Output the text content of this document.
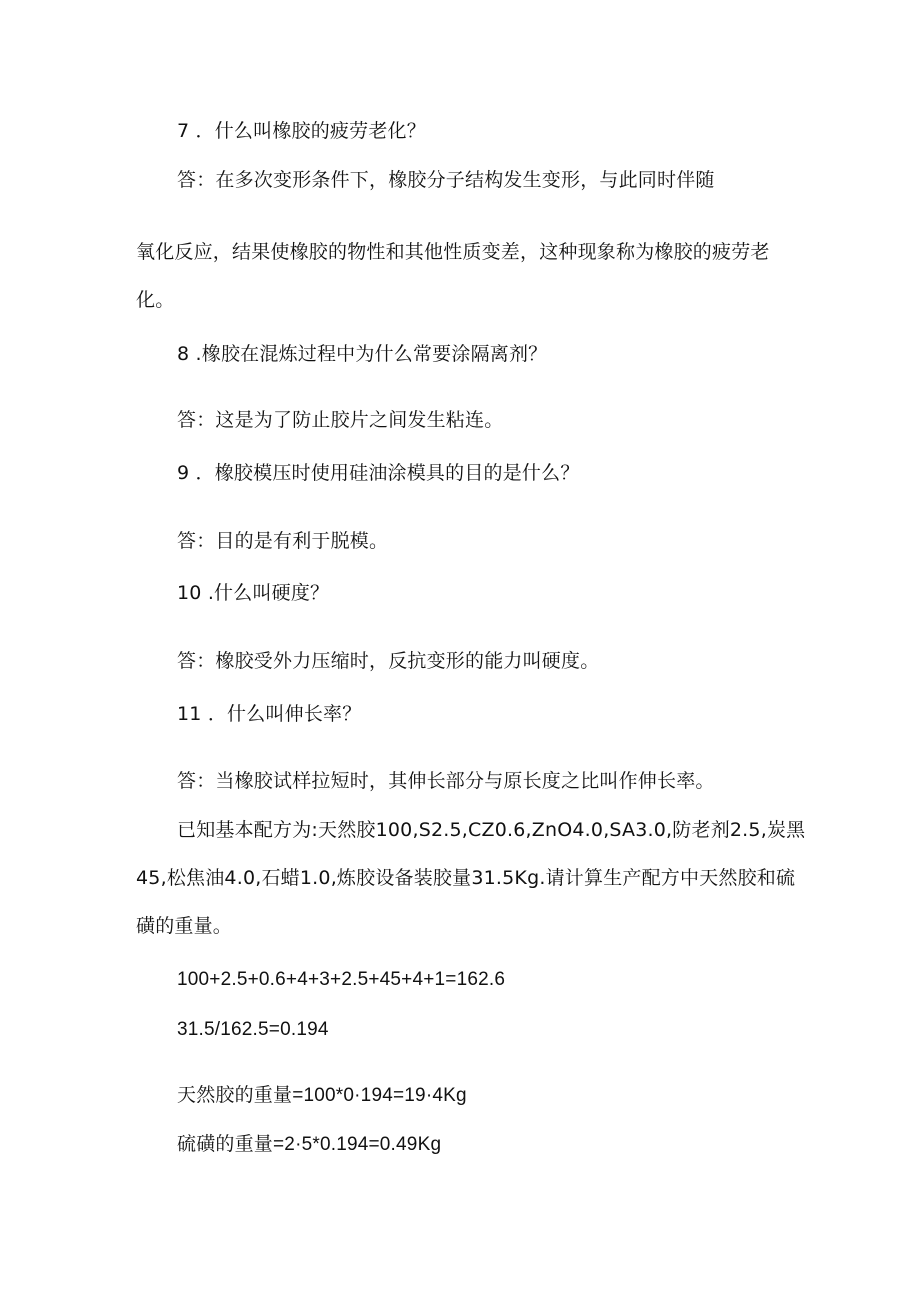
7 ．什么叫橡胶的疲劳老化？
答：在多次变形条件下，橡胶分子结构发生变形，与此同时伴随
氧化反应，结果使橡胶的物性和其他性质变差，这种现象称为橡胶的疲劳老
化。
8 .橡胶在混炼过程中为什么常要涂隔离剂？
答：这是为了防止胶片之间发生粘连。
9 ．橡胶模压时使用硅油涂模具的目的是什么？
答：目的是有利于脱模。
10 .什么叫硬度？
答：橡胶受外力压缩时，反抗变形的能力叫硬度。
11 ．什么叫伸长率？
答：当橡胶试样拉短时，其伸长部分与原长度之比叫作伸长率。
已知基本配方为:天然胶100,S2.5,CZ0.6,ZnO4.0,SA3.0,防老剂2.5,炭黑
45,松焦油4.0,石蜡1.0,炼胶设备装胶量31.5Kg.请计算生产配方中天然胶和硫
磺的重量。
100+2.5+0.6+4+3+2.5+45+4+1=162.6
31.5/162.5=0.194
天然胶的重量=100*0·194=19·4Kg
硫磺的重量=2·5*0.194=0.49Kg
